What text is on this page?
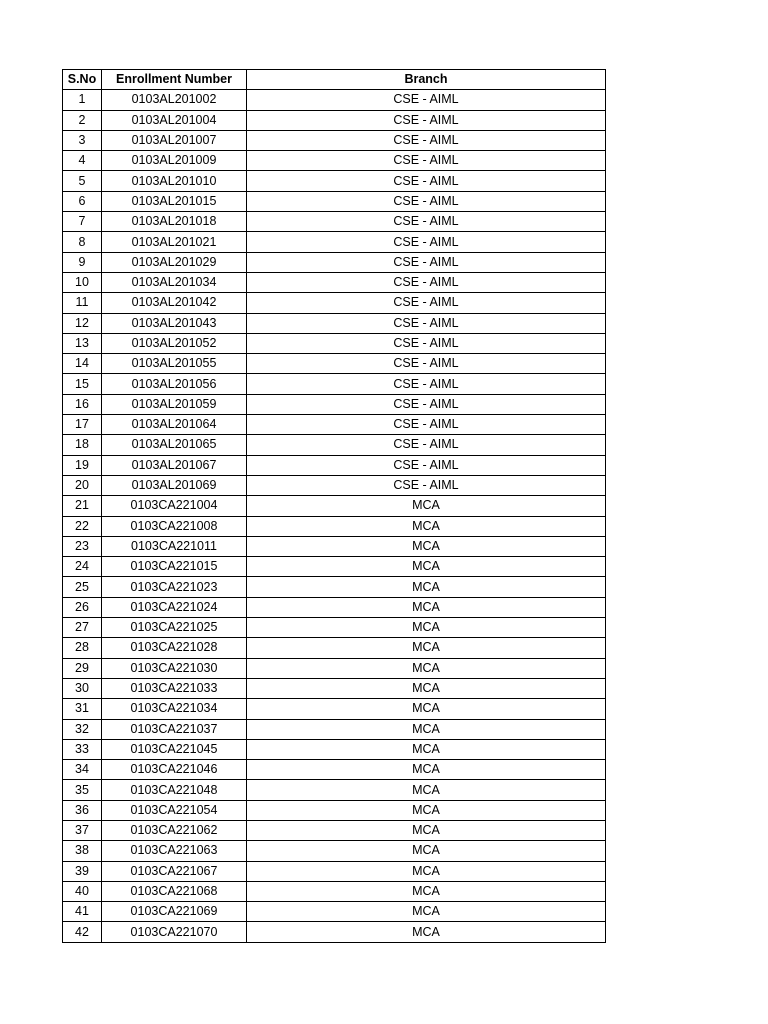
S.No	Enrollment Number	Branch
1	0103AL201002	CSE - AIML
2	0103AL201004	CSE - AIML
3	0103AL201007	CSE - AIML
4	0103AL201009	CSE - AIML
5	0103AL201010	CSE - AIML
6	0103AL201015	CSE - AIML
7	0103AL201018	CSE - AIML
8	0103AL201021	CSE - AIML
9	0103AL201029	CSE - AIML
10	0103AL201034	CSE - AIML
11	0103AL201042	CSE - AIML
12	0103AL201043	CSE - AIML
13	0103AL201052	CSE - AIML
14	0103AL201055	CSE - AIML
15	0103AL201056	CSE - AIML
16	0103AL201059	CSE - AIML
17	0103AL201064	CSE - AIML
18	0103AL201065	CSE - AIML
19	0103AL201067	CSE - AIML
20	0103AL201069	CSE - AIML
21	0103CA221004	MCA
22	0103CA221008	MCA
23	0103CA221011	MCA
24	0103CA221015	MCA
25	0103CA221023	MCA
26	0103CA221024	MCA
27	0103CA221025	MCA
28	0103CA221028	MCA
29	0103CA221030	MCA
30	0103CA221033	MCA
31	0103CA221034	MCA
32	0103CA221037	MCA
33	0103CA221045	MCA
34	0103CA221046	MCA
35	0103CA221048	MCA
36	0103CA221054	MCA
37	0103CA221062	MCA
38	0103CA221063	MCA
39	0103CA221067	MCA
40	0103CA221068	MCA
41	0103CA221069	MCA
42	0103CA221070	MCA
